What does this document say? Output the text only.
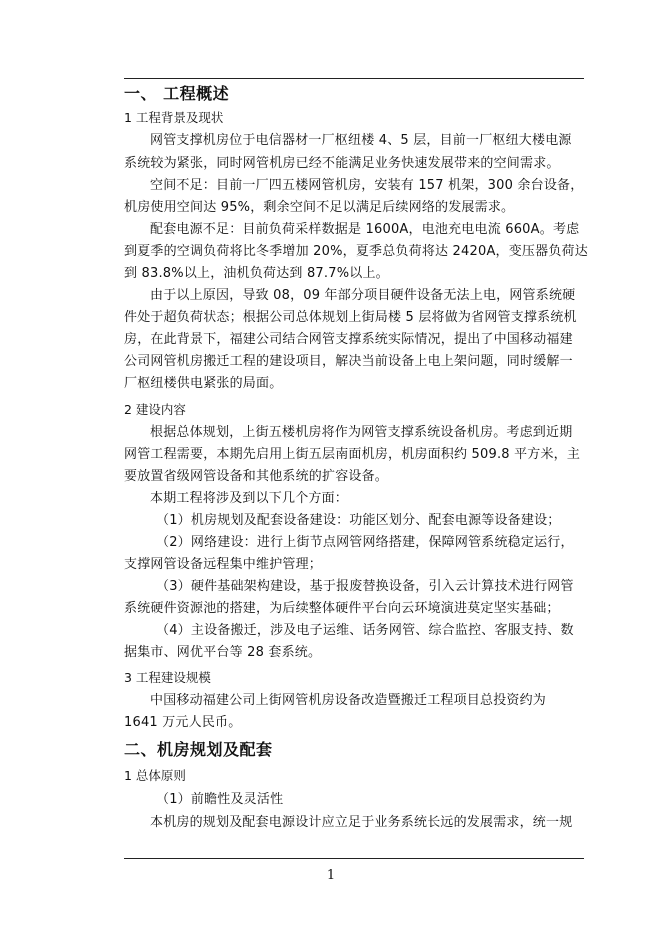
一、 工程概述
1 工程背景及现状
网管支撑机房位于电信器材一厂枢纽楼 4、5 层，目前一厂枢纽大楼电源
系统较为紧张，同时网管机房已经不能满足业务快速发展带来的空间需求。
空间不足：目前一厂四五楼网管机房，安装有 157 机架，300 余台设备，
机房使用空间达 95%，剩余空间不足以满足后续网络的发展需求。
配套电源不足：目前负荷采样数据是 1600A，电池充电电流 660A。考虑
到夏季的空调负荷将比冬季增加 20%，夏季总负荷将达 2420A，变压器负荷达
到 83.8%以上，油机负荷达到 87.7%以上。
由于以上原因，导致 08，09 年部分项目硬件设备无法上电，网管系统硬
件处于超负荷状态；根据公司总体规划上街局楼 5 层将做为省网管支撑系统机
房，在此背景下，福建公司结合网管支撑系统实际情况，提出了中国移动福建
公司网管机房搬迁工程的建设项目，解决当前设备上电上架问题，同时缓解一
厂枢纽楼供电紧张的局面。
2 建设内容
根据总体规划，上街五楼机房将作为网管支撑系统设备机房。考虑到近期
网管工程需要，本期先启用上街五层南面机房，机房面积约 509.8 平方米，主
要放置省级网管设备和其他系统的扩容设备。
本期工程将涉及到以下几个方面：
（1）机房规划及配套设备建设：功能区划分、配套电源等设备建设；
（2）网络建设：进行上街节点网管网络搭建，保障网管系统稳定运行，
支撑网管设备远程集中维护管理；
（3）硬件基础架构建设，基于报废替换设备，引入云计算技术进行网管
系统硬件资源池的搭建，为后续整体硬件平台向云环境演进莫定坚实基础；
（4）主设备搬迁，涉及电子运维、话务网管、综合监控、客服支持、数
据集市、网优平台等 28 套系统。
3 工程建设规模
中国移动福建公司上街网管机房设备改造暨搬迁工程项目总投资约为
1641 万元人民币。
二、机房规划及配套
1 总体原则
（1）前瞻性及灵活性
本机房的规划及配套电源设计应立足于业务系统长远的发展需求，统一规
1
